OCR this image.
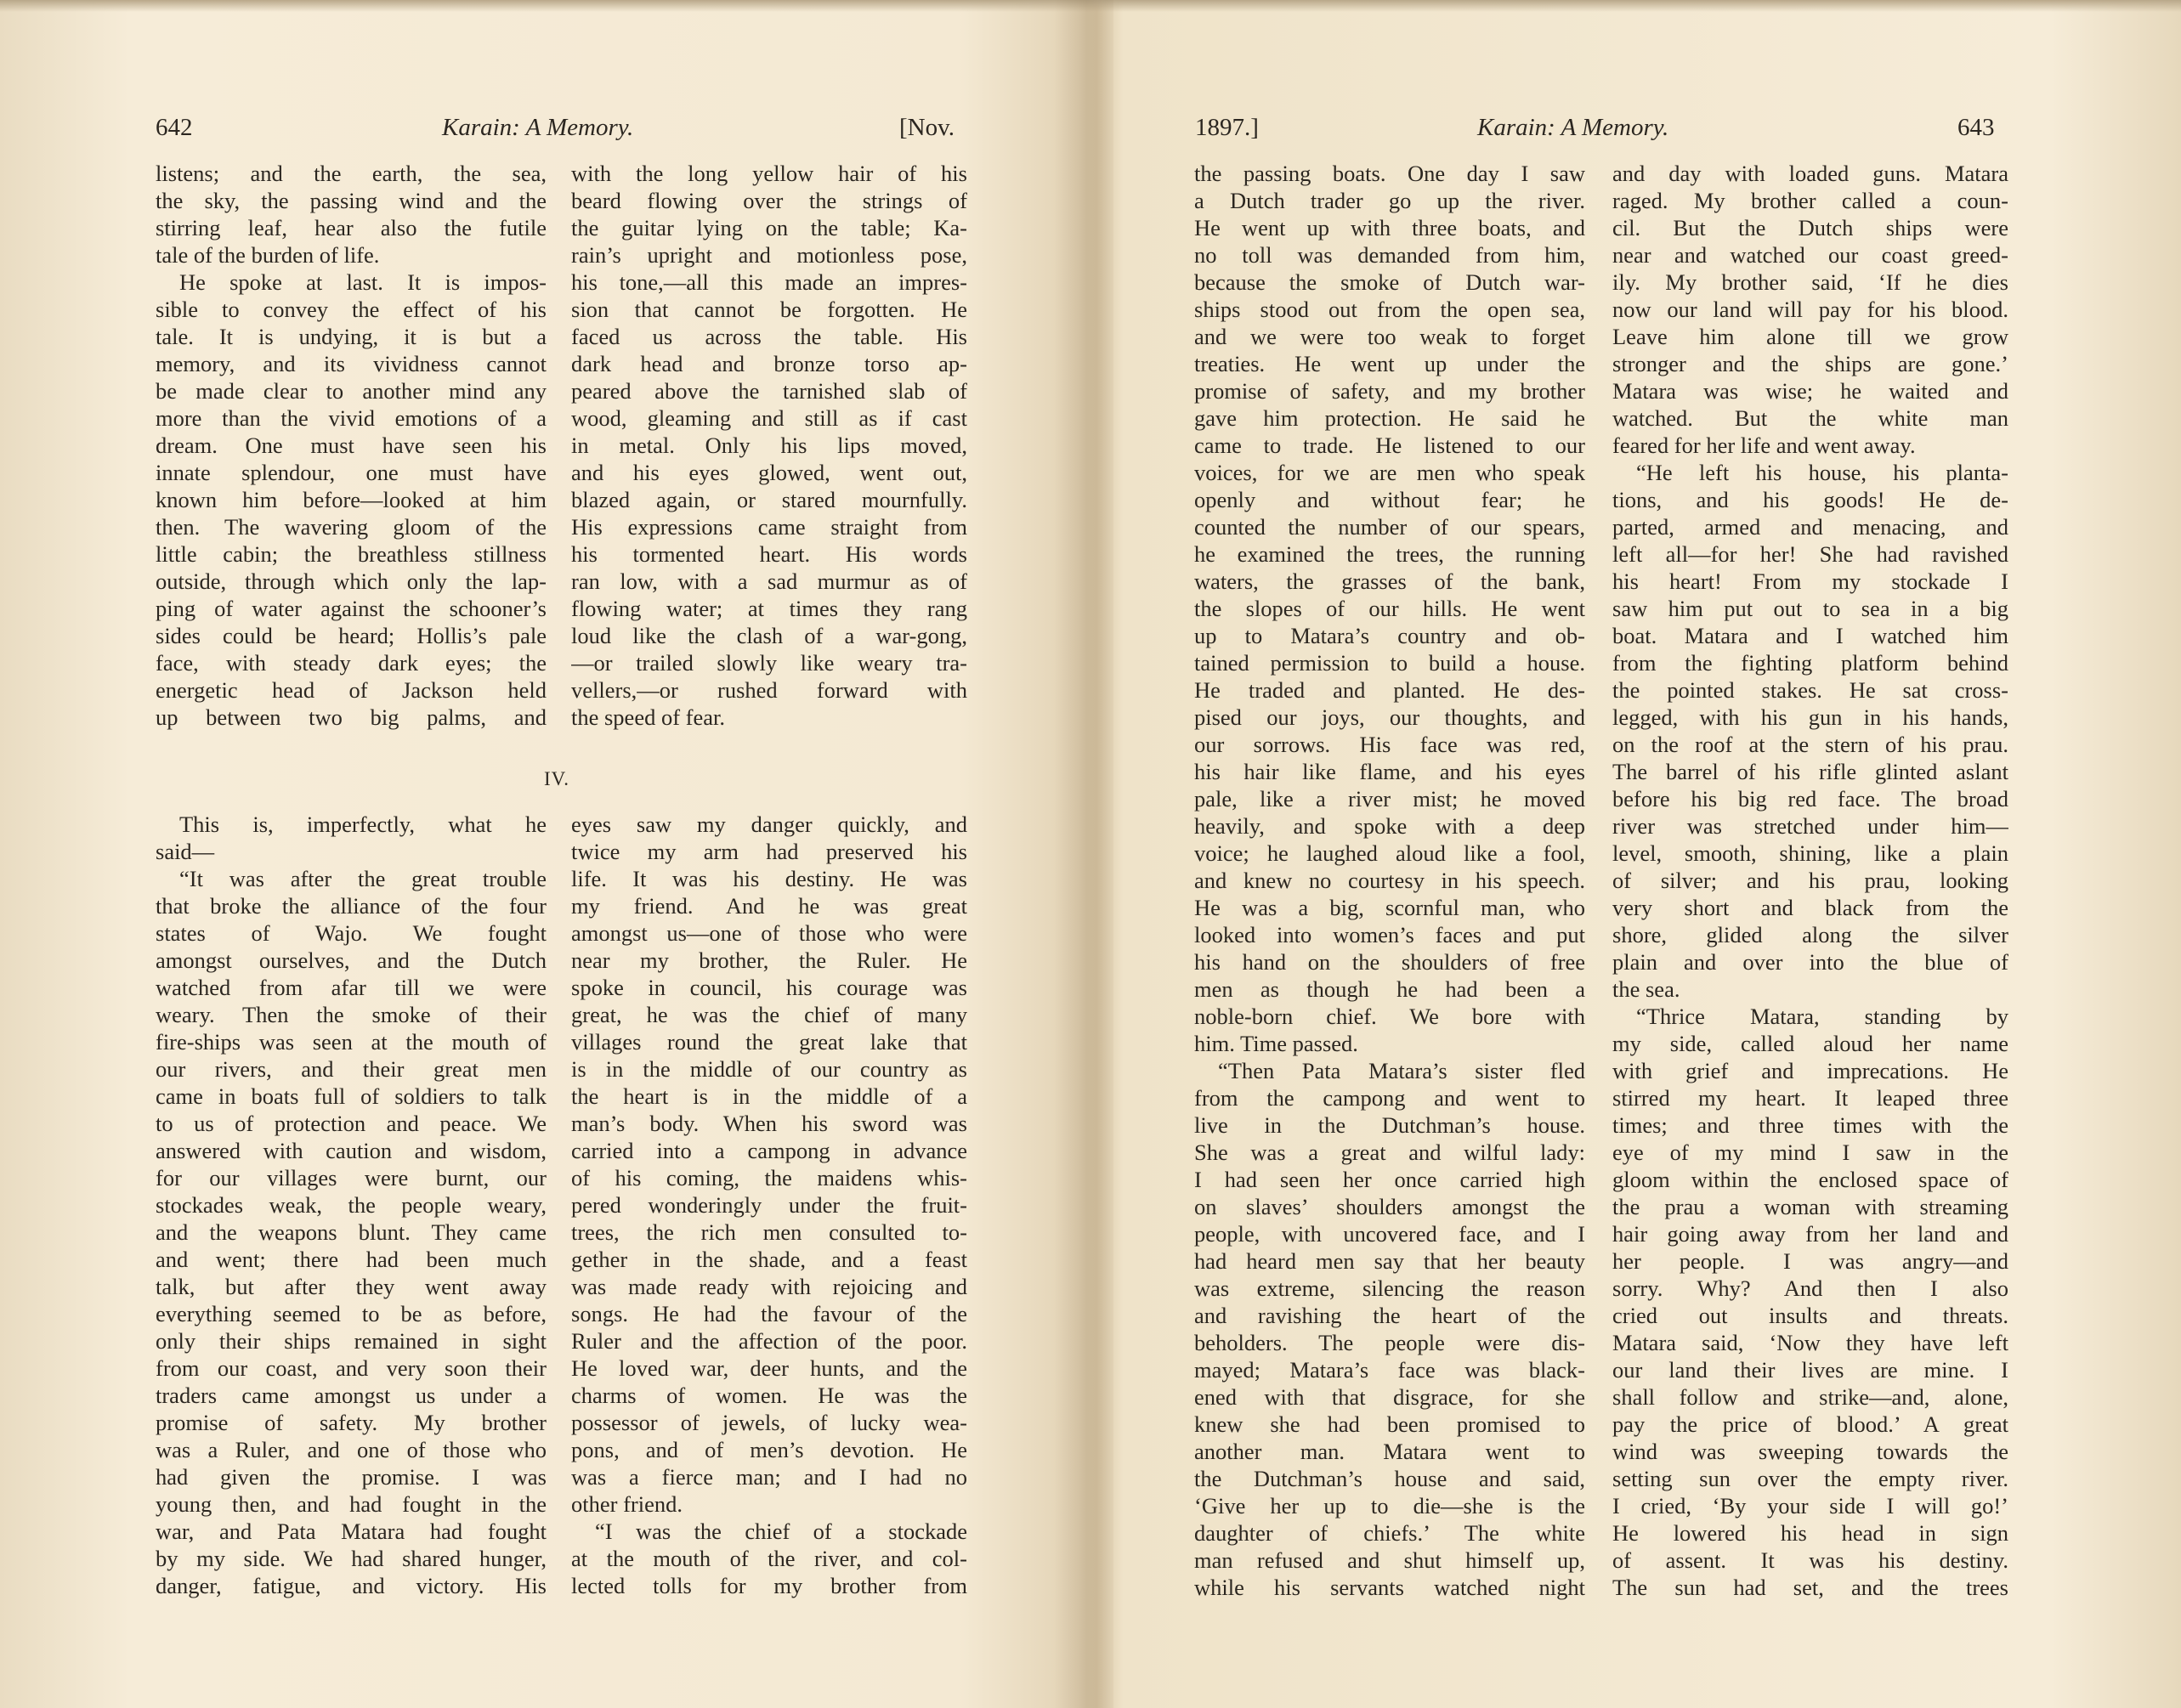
642	Karain: A Memory.	[Nov.
listens; and the earth, the sea,
the sky, the passing wind and the
stirring leaf, hear also the futile
tale of the burden of life.
He spoke at last. It is impos-
sible to convey the effect of his
tale. It is undying, it is but a
memory, and its vividness cannot
be made clear to another mind any
more than the vivid emotions of a
dream. One must have seen his
innate splendour, one must have
known him before—looked at him
then. The wavering gloom of the
little cabin; the breathless stillness
outside, through which only the lap-
ping of water against the schooner’s
sides could be heard; Hollis’s pale
face, with steady dark eyes; the
energetic head of Jackson held
up between two big palms, and
with the long yellow hair of his
beard flowing over the strings of
the guitar lying on the table; Ka-
rain’s upright and motionless pose,
his tone,—all this made an impres-
sion that cannot be forgotten. He
faced us across the table. His
dark head and bronze torso ap-
peared above the tarnished slab of
wood, gleaming and still as if cast
in metal. Only his lips moved,
and his eyes glowed, went out,
blazed again, or stared mournfully.
His expressions came straight from
his tormented heart. His words
ran low, with a sad murmur as of
flowing water; at times they rang
loud like the clash of a war-gong,
—or trailed slowly like weary tra-
vellers,—or rushed forward with
the speed of fear.
IV.
This is, imperfectly, what he
said—
“It was after the great trouble
that broke the alliance of the four
states of Wajo. We fought
amongst ourselves, and the Dutch
watched from afar till we were
weary. Then the smoke of their
fire-ships was seen at the mouth of
our rivers, and their great men
came in boats full of soldiers to talk
to us of protection and peace. We
answered with caution and wisdom,
for our villages were burnt, our
stockades weak, the people weary,
and the weapons blunt. They came
and went; there had been much
talk, but after they went away
everything seemed to be as before,
only their ships remained in sight
from our coast, and very soon their
traders came amongst us under a
promise of safety. My brother
was a Ruler, and one of those who
had given the promise. I was
young then, and had fought in the
war, and Pata Matara had fought
by my side. We had shared hunger,
danger, fatigue, and victory. His
eyes saw my danger quickly, and
twice my arm had preserved his
life. It was his destiny. He was
my friend. And he was great
amongst us—one of those who were
near my brother, the Ruler. He
spoke in council, his courage was
great, he was the chief of many
villages round the great lake that
is in the middle of our country as
the heart is in the middle of a
man’s body. When his sword was
carried into a campong in advance
of his coming, the maidens whis-
pered wonderingly under the fruit-
trees, the rich men consulted to-
gether in the shade, and a feast
was made ready with rejoicing and
songs. He had the favour of the
Ruler and the affection of the poor.
He loved war, deer hunts, and the
charms of women. He was the
possessor of jewels, of lucky wea-
pons, and of men’s devotion. He
was a fierce man; and I had no
other friend.
“I was the chief of a stockade
at the mouth of the river, and col-
lected tolls for my brother from
1897.]	Karain: A Memory.	643
the passing boats. One day I saw
a Dutch trader go up the river.
He went up with three boats, and
no toll was demanded from him,
because the smoke of Dutch war-
ships stood out from the open sea,
and we were too weak to forget
treaties. He went up under the
promise of safety, and my brother
gave him protection. He said he
came to trade. He listened to our
voices, for we are men who speak
openly and without fear; he
counted the number of our spears,
he examined the trees, the running
waters, the grasses of the bank,
the slopes of our hills. He went
up to Matara’s country and ob-
tained permission to build a house.
He traded and planted. He des-
pised our joys, our thoughts, and
our sorrows. His face was red,
his hair like flame, and his eyes
pale, like a river mist; he moved
heavily, and spoke with a deep
voice; he laughed aloud like a fool,
and knew no courtesy in his speech.
He was a big, scornful man, who
looked into women’s faces and put
his hand on the shoulders of free
men as though he had been a
noble-born chief. We bore with
him. Time passed.
“Then Pata Matara’s sister fled
from the campong and went to
live in the Dutchman’s house.
She was a great and wilful lady:
I had seen her once carried high
on slaves’ shoulders amongst the
people, with uncovered face, and I
had heard men say that her beauty
was extreme, silencing the reason
and ravishing the heart of the
beholders. The people were dis-
mayed; Matara’s face was black-
ened with that disgrace, for she
knew she had been promised to
another man. Matara went to
the Dutchman’s house and said,
‘Give her up to die—she is the
daughter of chiefs.’ The white
man refused and shut himself up,
while his servants watched night
and day with loaded guns. Matara
raged. My brother called a coun-
cil. But the Dutch ships were
near and watched our coast greed-
ily. My brother said, ‘If he dies
now our land will pay for his blood.
Leave him alone till we grow
stronger and the ships are gone.’
Matara was wise; he waited and
watched. But the white man
feared for her life and went away.
“He left his house, his planta-
tions, and his goods! He de-
parted, armed and menacing, and
left all—for her! She had ravished
his heart! From my stockade I
saw him put out to sea in a big
boat. Matara and I watched him
from the fighting platform behind
the pointed stakes. He sat cross-
legged, with his gun in his hands,
on the roof at the stern of his prau.
The barrel of his rifle glinted aslant
before his big red face. The broad
river was stretched under him—
level, smooth, shining, like a plain
of silver; and his prau, looking
very short and black from the
shore, glided along the silver
plain and over into the blue of
the sea.
“Thrice Matara, standing by
my side, called aloud her name
with grief and imprecations. He
stirred my heart. It leaped three
times; and three times with the
eye of my mind I saw in the
gloom within the enclosed space of
the prau a woman with streaming
hair going away from her land and
her people. I was angry—and
sorry. Why? And then I also
cried out insults and threats.
Matara said, ‘Now they have left
our land their lives are mine. I
shall follow and strike—and, alone,
pay the price of blood.’ A great
wind was sweeping towards the
setting sun over the empty river.
I cried, ‘By your side I will go!’
He lowered his head in sign
of assent. It was his destiny.
The sun had set, and the trees
